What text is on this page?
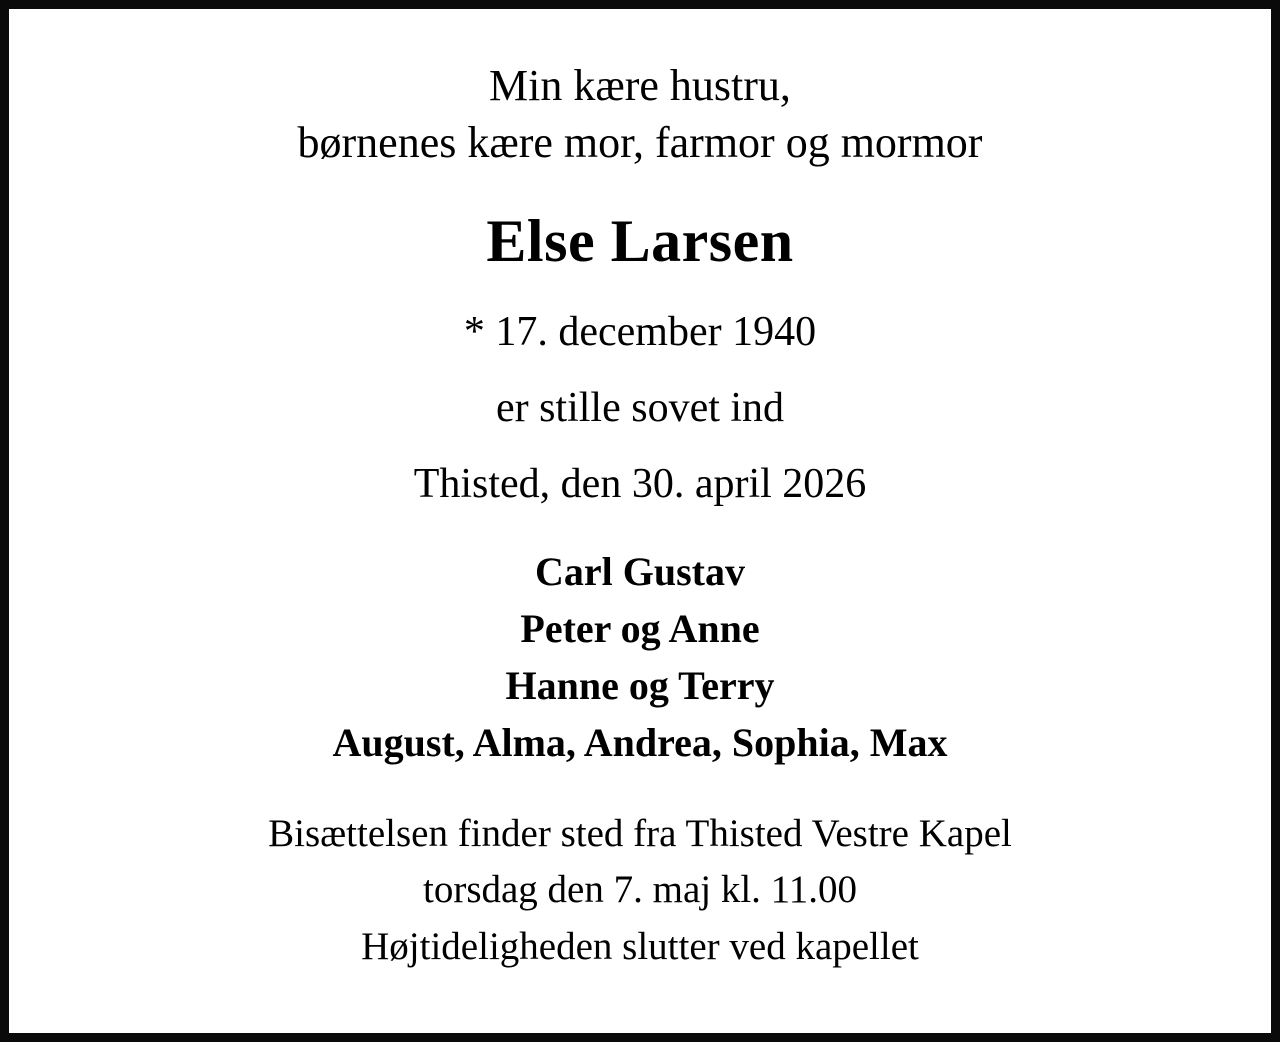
Min kære hustru,
børnenes kære mor, farmor og mormor
Else Larsen
* 17. december 1940
er stille sovet ind
Thisted, den 30. april 2026
Carl Gustav
Peter og Anne
Hanne og Terry
August, Alma, Andrea, Sophia, Max
Bisættelsen finder sted fra Thisted Vestre Kapel
torsdag den 7. maj kl. 11.00
Højtideligheden slutter ved kapellet
